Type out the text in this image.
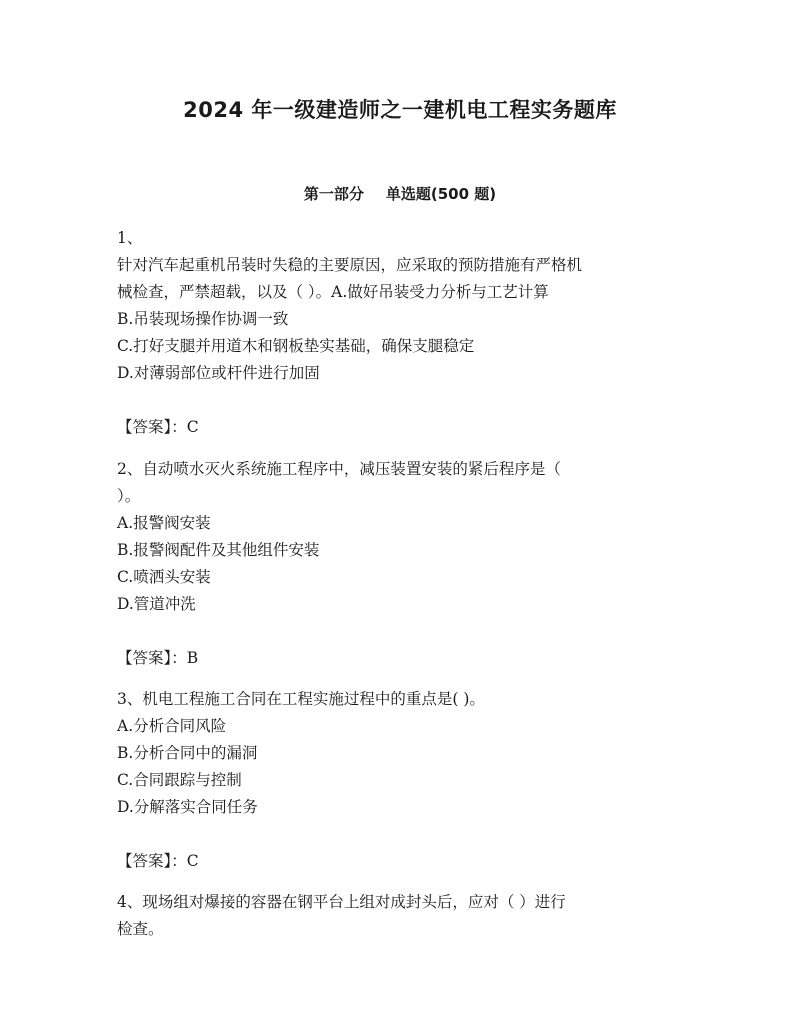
2024 年一级建造师之一建机电工程实务题库
第一部分 单选题(500 题)
1、
针对汽车起重机吊装时失稳的主要原因，应采取的预防措施有严格机
械检查，严禁超载，以及（ ）。A.做好吊装受力分析与工艺计算
B.吊装现场操作协调一致
C.打好支腿并用道木和钢板垫实基础，确保支腿稳定
D.对薄弱部位或杆件进行加固
【答案】：C
2、自动喷水灭火系统施工程序中，减压装置安装的紧后程序是（
）。
A.报警阀安装
B.报警阀配件及其他组件安装
C.喷洒头安装
D.管道冲洗
【答案】：B
3、机电工程施工合同在工程实施过程中的重点是( )。
A.分析合同风险
B.分析合同中的漏洞
C.合同跟踪与控制
D.分解落实合同任务
【答案】：C
4、现场组对爆接的容器在钢平台上组对成封头后，应对（ ）进行
检查。
